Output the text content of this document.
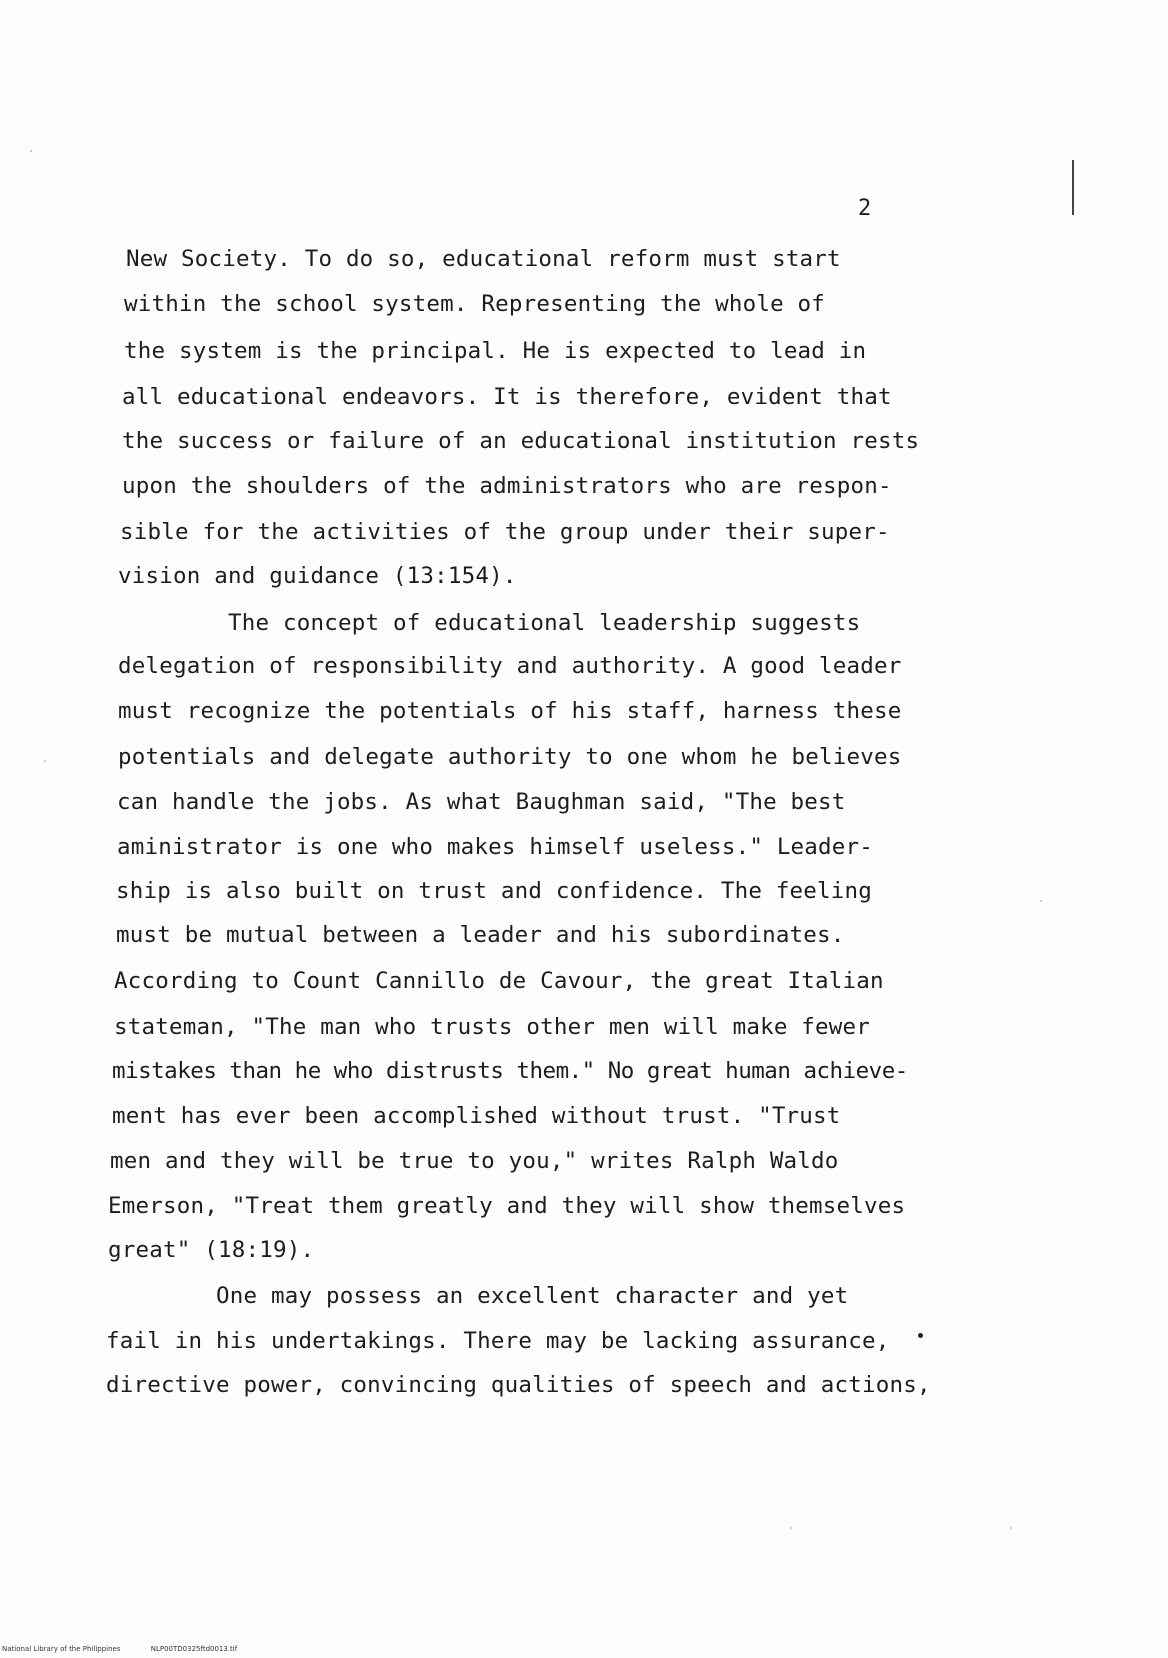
2
New Society. To do so, educational reform must start
within the school system. Representing the whole of
the system is the principal. He is expected to lead in
all educational endeavors. It is therefore, evident that
the success or failure of an educational institution rests
upon the shoulders of the administrators who are respon-
sible for the activities of the group under their super-
vision and guidance (13:154).
The concept of educational leadership suggests
delegation of responsibility and authority. A good leader
must recognize the potentials of his staff, harness these
potentials and delegate authority to one whom he believes
can handle the jobs. As what Baughman said, "The best
aministrator is one who makes himself useless." Leader-
ship is also built on trust and confidence. The feeling
must be mutual between a leader and his subordinates.
According to Count Cannillo de Cavour, the great Italian
stateman, "The man who trusts other men will make fewer
mistakes than he who distrusts them." No great human achieve-
ment has ever been accomplished without trust. "Trust
men and they will be true to you," writes Ralph Waldo
Emerson, "Treat them greatly and they will show themselves
great" (18:19).
One may possess an excellent character and yet
fail in his undertakings. There may be lacking assurance,
directive power, convincing qualities of speech and actions,
National Library of the Philippines	NLP00TD0325ftd0013.tif
